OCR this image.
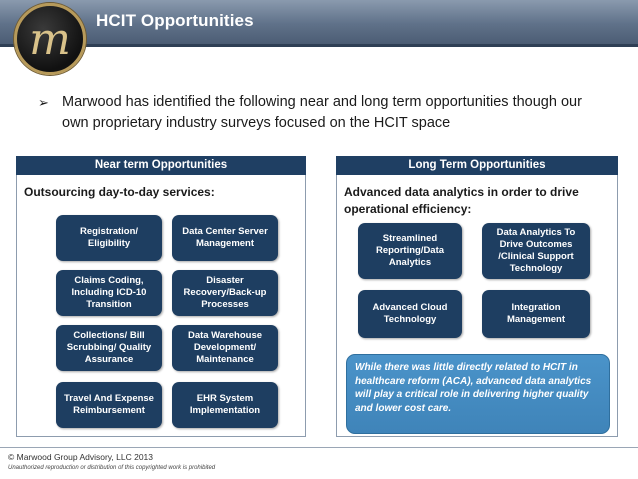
HCIT Opportunities
m
➢ Marwood has identified the following near and long term opportunities though our own proprietary industry surveys focused on the HCIT space
Near term Opportunities
Outsourcing day-to-day services:
Registration/ Eligibility
Data Center Server Management
Claims Coding, Including ICD-10 Transition
Disaster Recovery/Back-up Processes
Collections/ Bill Scrubbing/ Quality Assurance
Data Warehouse Development/ Maintenance
Travel And Expense Reimbursement
EHR System Implementation
Long Term Opportunities
Advanced data analytics in order to drive operational efficiency:
Streamlined Reporting/Data Analytics
Data Analytics To Drive Outcomes /Clinical Support Technology
Advanced Cloud Technology
Integration Management
While there was little directly related to HCIT in healthcare reform (ACA), advanced data analytics will play a critical role in delivering higher quality and lower cost care.
© Marwood Group Advisory, LLC 2013
Unauthorized reproduction or distribution of this copyrighted work is prohibited
